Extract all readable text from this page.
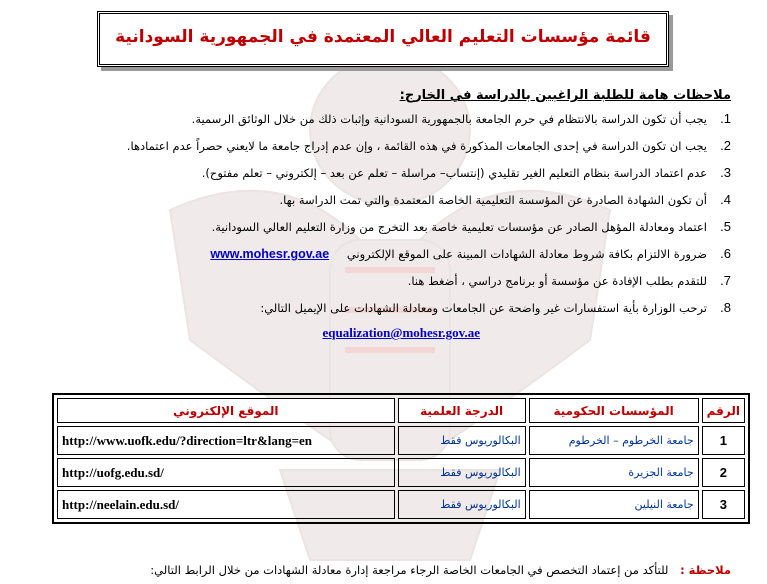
قائمة مؤسسات التعليم العالي المعتمدة في الجمهورية السودانية
ملاحظات هامة للطلبة الراغبين بالدراسة في الخارج:
1.
يجب أن تكون الدراسة بالانتظام في حرم الجامعة بالجمهورية السودانية وإثبات ذلك من خلال الوثائق الرسمية.
2.
يجب ان تكون الدراسة في إحدى الجامعات المذكورة في هذه القائمة ، وإن عدم إدراج جامعة ما لايعني حصراً عدم اعتمادها.
3.
عدم اعتماد الدراسة بنظام التعليم الغير تقليدي (إنتساب– مراسلة – تعلم عن بعد – إلكتروني – تعلم مفتوح).
4.
أن تكون الشهادة الصادرة عن المؤسسة التعليمية الخاصة المعتمدة والتي تمت الدراسة بها.
5.
اعتماد ومعادلة المؤهل الصادر عن مؤسسات تعليمية خاصة بعد التخرج من وزارة التعليم العالي السودانية.
6.
ضرورة الالتزام بكافة شروط معادلة الشهادات المبينة على الموقع الإلكتروني www.mohesr.gov.ae
7.
للتقدم بطلب الإفادة عن مؤسسة أو برنامج دراسي ، أضغط هنا.
8.
ترحب الوزارة بأية استفسارات غير واضحة عن الجامعات ومعادلة الشهادات على الإيميل التالي:
equalization@mohesr.gov.ae
الرقم	المؤسسات الحكومية	الدرجة العلمية	الموقع الإلكتروني
1	جامعة الخرطوم – الخرطوم	البكالوريوس فقط	http://www.uofk.edu/?direction=ltr&lang=en
2	جامعة الجزيرة	البكالوريوس فقط	http://uofg.edu.sd/
3	جامعة النيلين	البكالوريوس فقط	http://neelain.edu.sd/
ملاحظة : للتأكد من إعتماد التخصص في الجامعات الخاصة الرجاء مراجعة إدارة معادلة الشهادات من خلال الرابط التالي:
